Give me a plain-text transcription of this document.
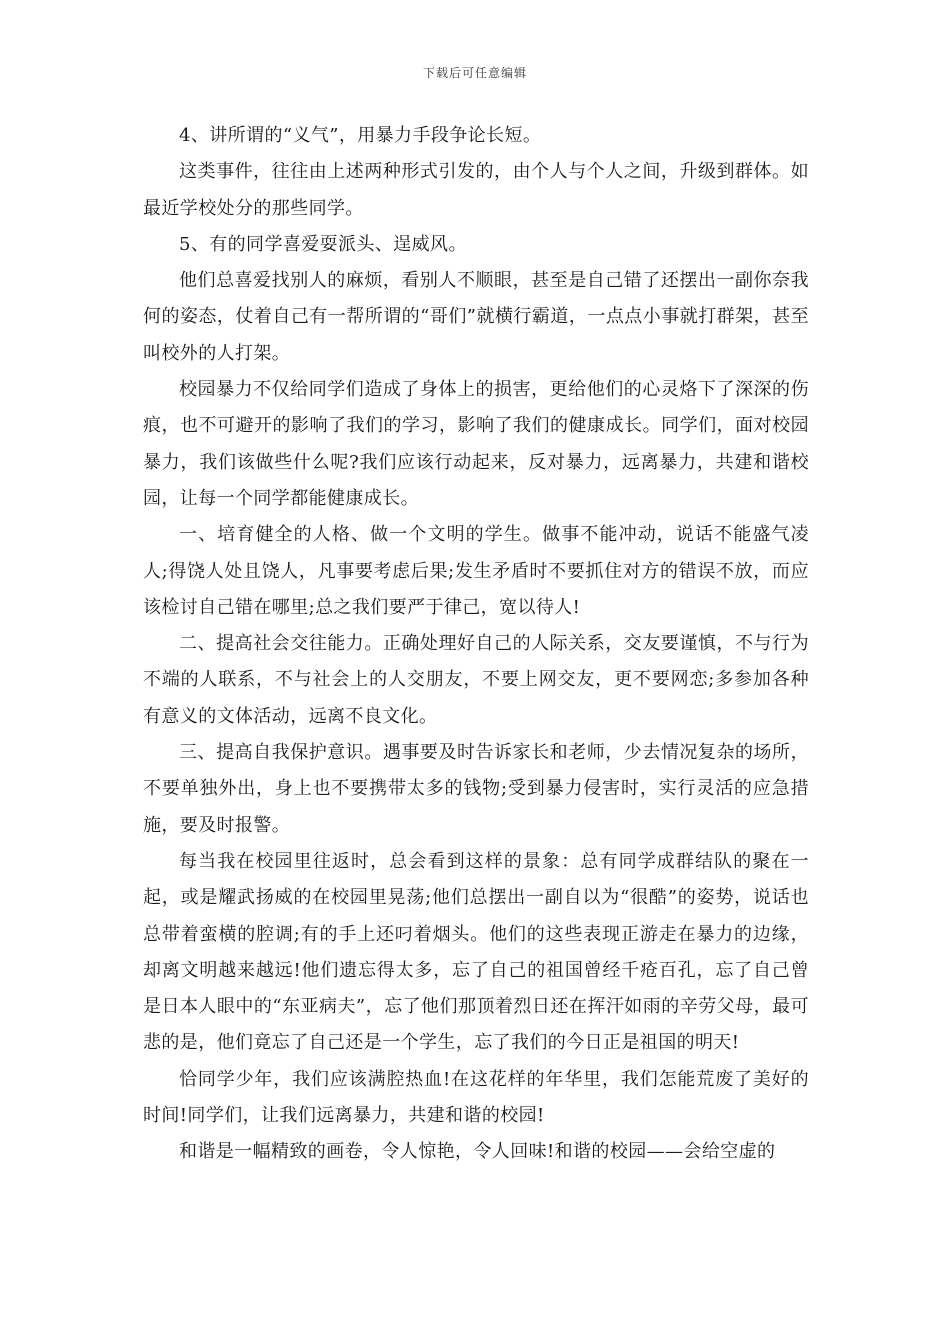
下载后可任意编辑

4、讲所谓的“义气”，用暴力手段争论长短。

这类事件，往往由上述两种形式引发的，由个人与个人之间，升级到群体。如最近学校处分的那些同学。

5、有的同学喜爱耍派头、逞威风。

他们总喜爱找别人的麻烦，看别人不顺眼，甚至是自己错了还摆出一副你奈我何的姿态，仗着自己有一帮所谓的“哥们”就横行霸道，一点点小事就打群架，甚至叫校外的人打架。

校园暴力不仅给同学们造成了身体上的损害，更给他们的心灵烙下了深深的伤痕，也不可避开的影响了我们的学习，影响了我们的健康成长。同学们，面对校园暴力，我们该做些什么呢?我们应该行动起来，反对暴力，远离暴力，共建和谐校园，让每一个同学都能健康成长。

一、培育健全的人格、做一个文明的学生。做事不能冲动，说话不能盛气凌人;得饶人处且饶人，凡事要考虑后果;发生矛盾时不要抓住对方的错误不放，而应该检讨自己错在哪里;总之我们要严于律己，宽以待人!

二、提高社会交往能力。正确处理好自己的人际关系，交友要谨慎，不与行为不端的人联系，不与社会上的人交朋友，不要上网交友，更不要网恋;多参加各种有意义的文体活动，远离不良文化。

三、提高自我保护意识。遇事要及时告诉家长和老师，少去情况复杂的场所，不要单独外出，身上也不要携带太多的钱物;受到暴力侵害时，实行灵活的应急措施，要及时报警。

每当我在校园里往返时，总会看到这样的景象：总有同学成群结队的聚在一起，或是耀武扬威的在校园里晃荡;他们总摆出一副自以为“很酷”的姿势，说话也总带着蛮横的腔调;有的手上还叼着烟头。他们的这些表现正游走在暴力的边缘，却离文明越来越远!他们遗忘得太多，忘了自己的祖国曾经千疮百孔，忘了自己曾是日本人眼中的“东亚病夫”，忘了他们那顶着烈日还在挥汗如雨的辛劳父母，最可悲的是，他们竟忘了自己还是一个学生，忘了我们的今日正是祖国的明天!

恰同学少年，我们应该满腔热血!在这花样的年华里，我们怎能荒废了美好的时间!同学们，让我们远离暴力，共建和谐的校园!

和谐是一幅精致的画卷，令人惊艳，令人回味!和谐的校园——会给空虚的
